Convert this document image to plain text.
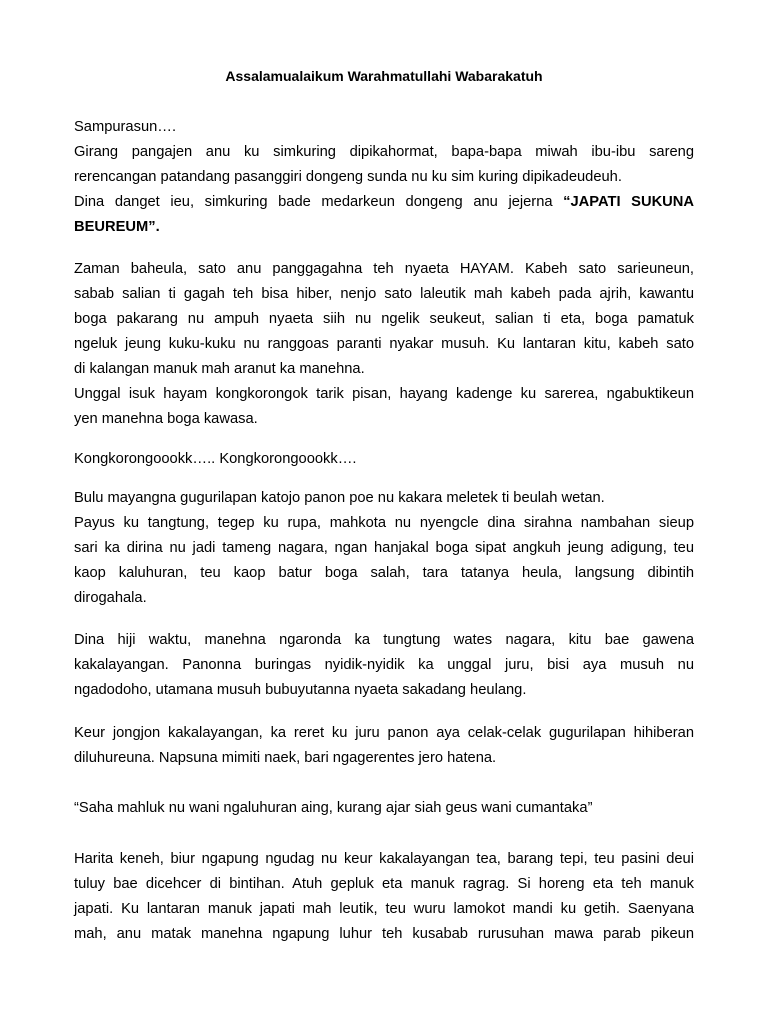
Assalamualaikum Warahmatullahi Wabarakatuh
Sampurasun….
Girang pangajen anu ku simkuring dipikahormat, bapa-bapa miwah ibu-ibu sareng
rerencangan patandang pasanggiri dongeng sunda nu ku sim kuring dipikadeudeuh.
Dina danget ieu, simkuring bade medarkeun dongeng anu jejerna “JAPATI SUKUNA
BEUREUM”.
Zaman baheula, sato anu panggagahna teh nyaeta HAYAM. Kabeh sato sarieuneun,
sabab salian ti gagah teh bisa hiber, nenjo sato laleutik mah kabeh pada ajrih, kawantu
boga pakarang nu ampuh nyaeta siih nu ngelik seukeut, salian ti eta, boga pamatuk
ngeluk jeung kuku-kuku nu ranggoas paranti nyakar musuh. Ku lantaran kitu, kabeh sato
di kalangan manuk mah aranut ka manehna.
Unggal isuk hayam kongkorongok tarik pisan, hayang kadenge ku sarerea, ngabuktikeun
yen manehna boga kawasa.
Kongkorongoookk….. Kongkorongoookk….
Bulu mayangna gugurilapan katojo panon poe nu kakara meletek ti beulah wetan.
Payus ku tangtung, tegep ku rupa, mahkota nu nyengcle dina sirahna nambahan sieup
sari ka dirina nu jadi tameng nagara, ngan hanjakal boga sipat angkuh jeung adigung, teu
kaop kaluhuran, teu kaop batur boga salah, tara tatanya heula, langsung dibintih
dirogahala.
Dina hiji waktu, manehna ngaronda ka tungtung wates nagara, kitu bae gawena
kakalayangan. Panonna buringas nyidik-nyidik ka unggal juru, bisi aya musuh nu
ngadodoho, utamana musuh bubuyutanna nyaeta sakadang heulang.
Keur jongjon kakalayangan, ka reret ku juru panon aya celak-celak gugurilapan hihiberan
diluhureuna. Napsuna mimiti naek, bari ngagerentes jero hatena.
“Saha mahluk nu wani ngaluhuran aing, kurang ajar siah geus wani cumantaka”
Harita keneh, biur ngapung ngudag nu keur kakalayangan tea, barang tepi, teu pasini deui
tuluy bae dicehcer di bintihan. Atuh gepluk eta manuk ragrag. Si horeng eta teh manuk
japati. Ku lantaran manuk japati mah leutik, teu wuru lamokot mandi ku getih. Saenyana
mah, anu matak manehna ngapung luhur teh kusabab rurusuhan mawa parab pikeun
